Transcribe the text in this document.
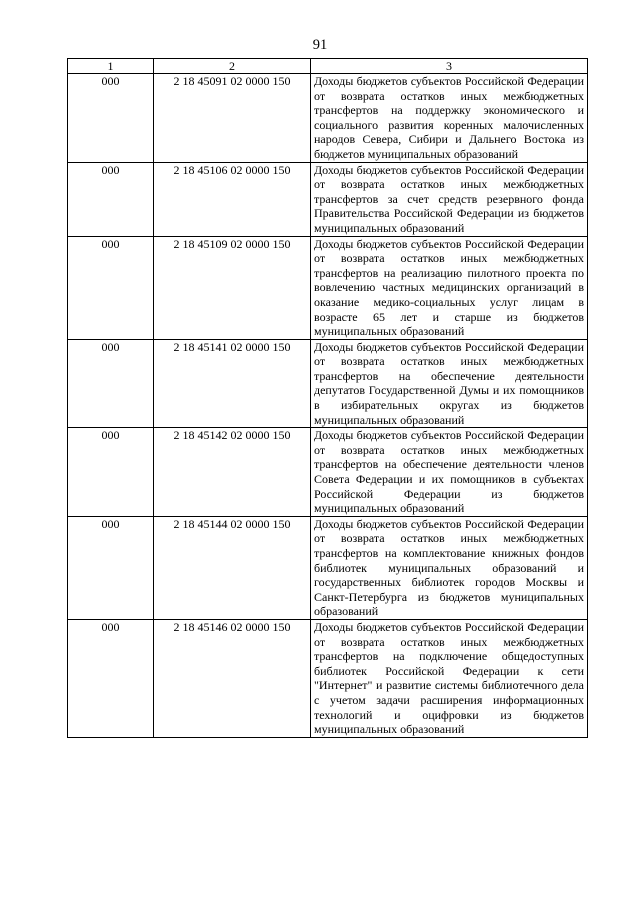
91
1	2	3
000	2 18 45091 02 0000 150	Доходы бюджетов субъектов Российской Федерации от возврата остатков иных межбюджетных трансфертов на поддержку экономического и социального развития коренных малочисленных народов Севера, Сибири и Дальнего Востока из бюджетов муниципальных образований
000	2 18 45106 02 0000 150	Доходы бюджетов субъектов Российской Федерации от возврата остатков иных межбюджетных трансфертов за счет средств резервного фонда Правительства Российской Федерации из бюджетов муниципальных образований
000	2 18 45109 02 0000 150	Доходы бюджетов субъектов Российской Федерации от возврата остатков иных межбюджетных трансфертов на реализацию пилотного проекта по вовлечению частных медицинских организаций в оказание медико-социальных услуг лицам в возрасте 65 лет и старше из бюджетов муниципальных образований
000	2 18 45141 02 0000 150	Доходы бюджетов субъектов Российской Федерации от возврата остатков иных межбюджетных трансфертов на обеспечение деятельности депутатов Государственной Думы и их помощников в избирательных округах из бюджетов муниципальных образований
000	2 18 45142 02 0000 150	Доходы бюджетов субъектов Российской Федерации от возврата остатков иных межбюджетных трансфертов на обеспечение деятельности членов Совета Федерации и их помощников в субъектах Российской Федерации из бюджетов муниципальных образований
000	2 18 45144 02 0000 150	Доходы бюджетов субъектов Российской Федерации от возврата остатков иных межбюджетных трансфертов на комплектование книжных фондов библиотек муниципальных образований и государственных библиотек городов Москвы и Санкт-Петербурга из бюджетов муниципальных образований
000	2 18 45146 02 0000 150	Доходы бюджетов субъектов Российской Федерации от возврата остатков иных межбюджетных трансфертов на подключение общедоступных библиотек Российской Федерации к сети "Интернет" и развитие системы библиотечного дела с учетом задачи расширения информационных технологий и оцифровки из бюджетов муниципальных образований
